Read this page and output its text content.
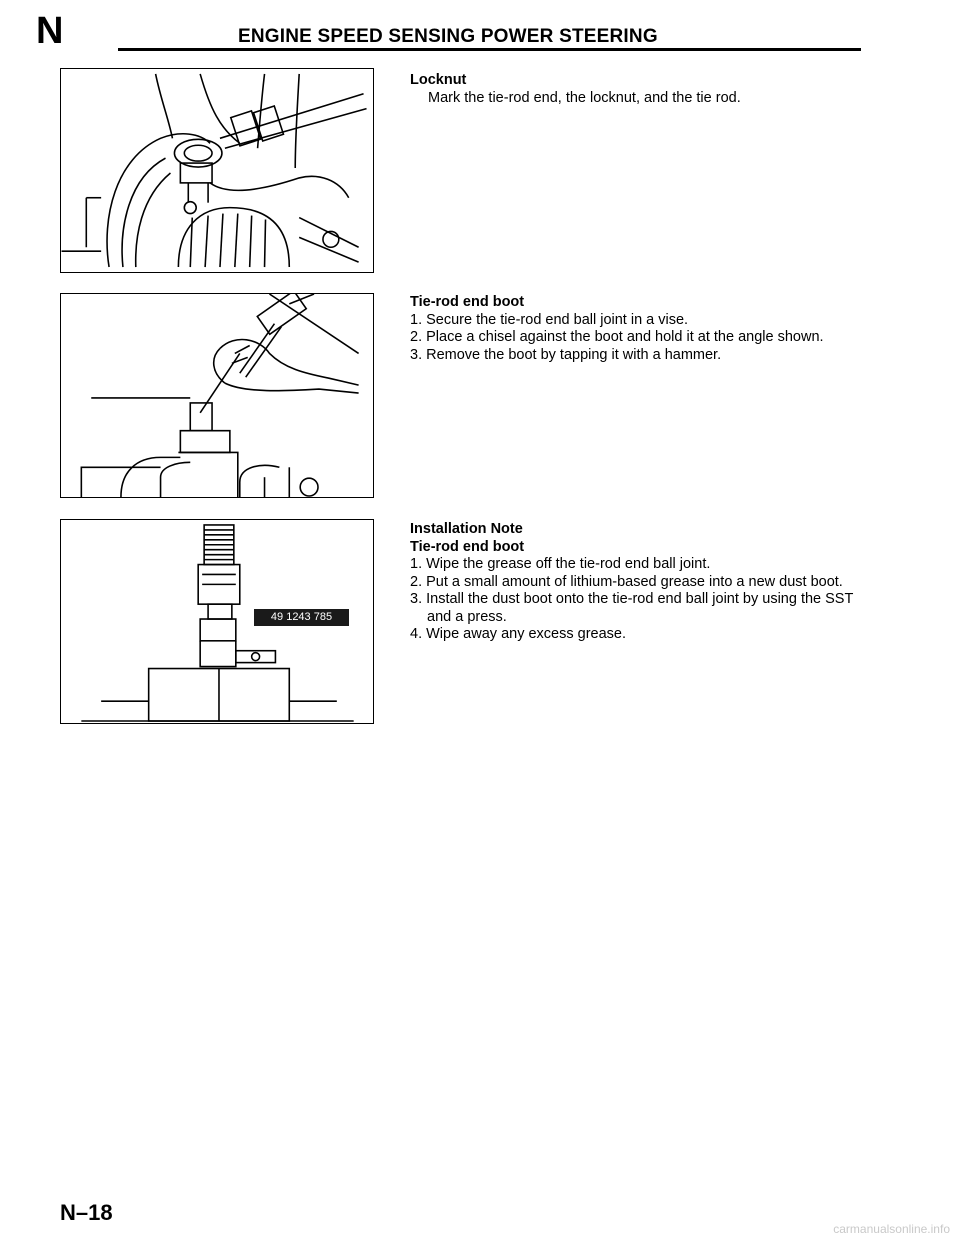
N	ENGINE SPEED SENSING POWER STEERING
49 1243 785

Locknut

Mark the tie-rod end, the locknut, and the tie rod.

Tie-rod end boot

1. Secure the tie-rod end ball joint in a vise.
2. Place a chisel against the boot and hold it at the angle shown.
3. Remove the boot by tapping it with a hammer.

Installation Note

Tie-rod end boot

1. Wipe the grease off the tie-rod end ball joint.
2. Put a small amount of lithium-based grease into a new dust boot.
3. Install the dust boot onto the tie-rod end ball joint by using the SST and a press.
4. Wipe away any excess grease.
N–18
carmanualsonline.info
